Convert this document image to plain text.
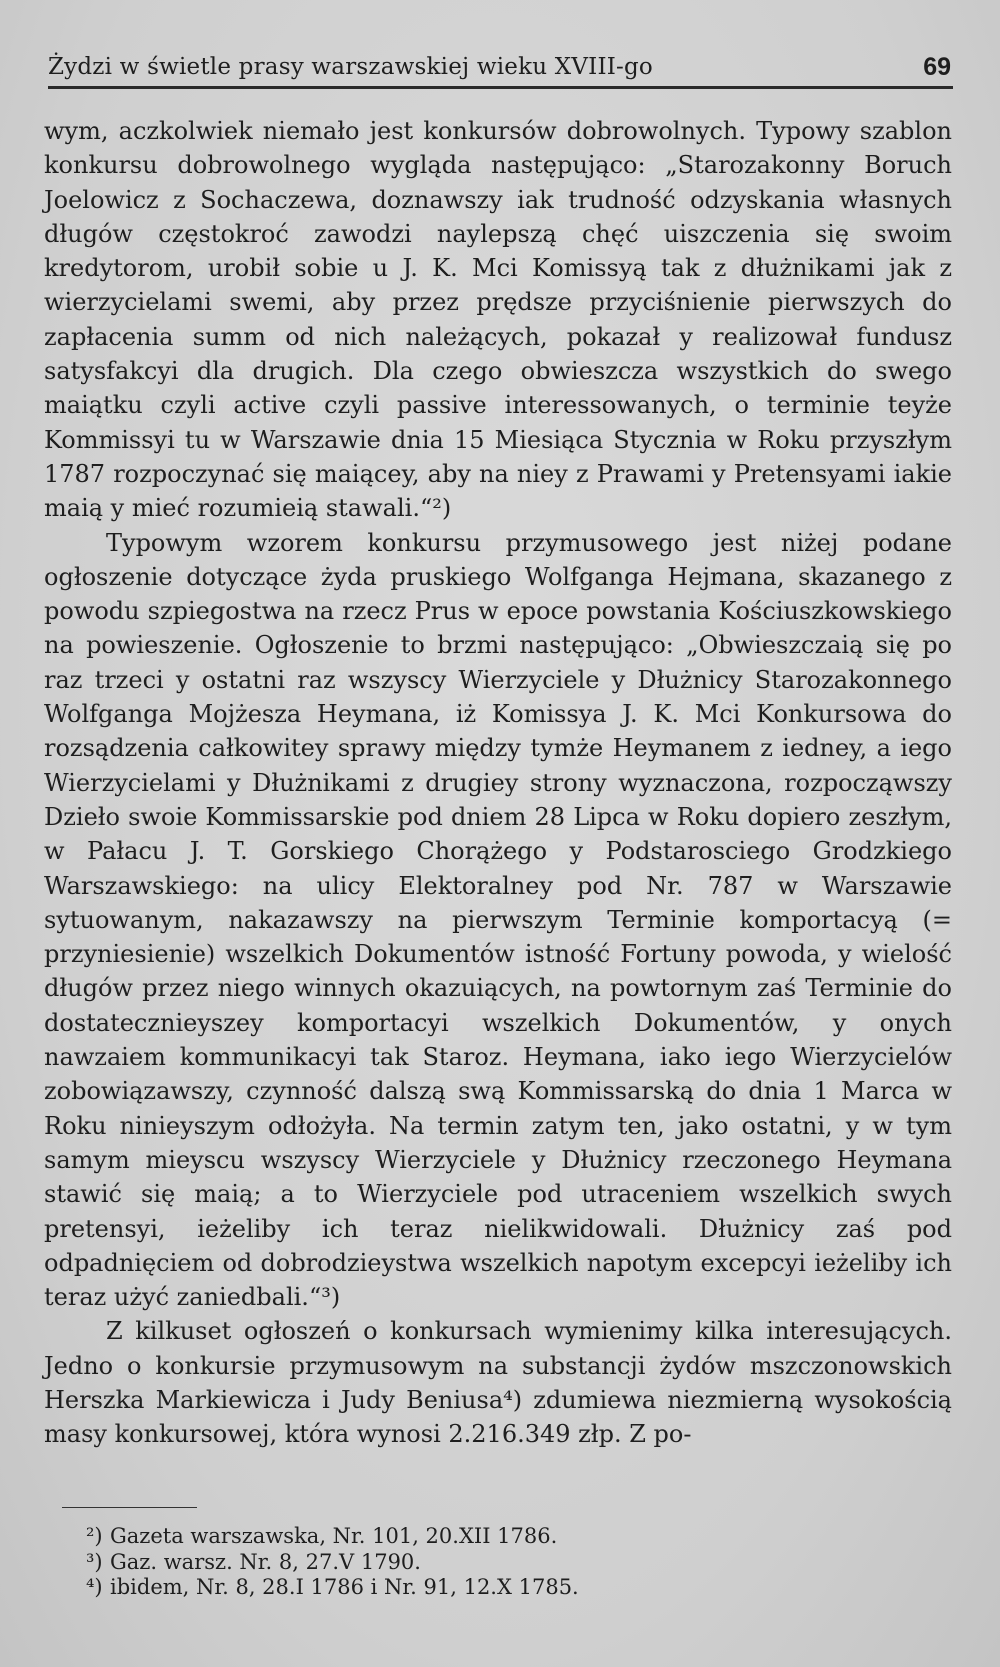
Żydzi w świetle prasy warszawskiej wieku XVIII-go	69

wym, aczkolwiek niemało jest konkursów dobrowolnych. Typowy szablon konkursu dobrowolnego wygląda następująco: „Starozakonny Boruch Joelowicz z Sochaczewa, doznawszy iak trudność odzyskania własnych długów częstokroć zawodzi naylepszą chęć uiszczenia się swoim kredytorom, urobił sobie u J. K. Mci Komissyą tak z dłużnikami jak z wierzycielami swemi, aby przez prędsze przyciśnienie pierwszych do zapłacenia summ od nich należących, pokazał y realizował fundusz satysfakcyi dla drugich. Dla czego obwieszcza wszystkich do swego maiątku czyli active czyli passive interessowanych, o terminie teyże Kommissyi tu w Warszawie dnia 15 Miesiąca Stycznia w Roku przyszłym 1787 rozpoczynać się maiącey, aby na niey z Prawami y Pretensyami iakie maią y mieć rozumieią stawali.“²)

Typowym wzorem konkursu przymusowego jest niżej podane ogłoszenie dotyczące żyda pruskiego Wolfganga Hejmana, skazanego z powodu szpiegostwa na rzecz Prus w epoce powstania Kościuszkowskiego na powieszenie. Ogłoszenie to brzmi następująco: „Obwieszczaią się po raz trzeci y ostatni raz wszyscy Wierzyciele y Dłużnicy Starozakonnego Wolfganga Mojżesza Heymana, iż Komissya J. K. Mci Konkursowa do rozsądzenia całkowitey sprawy między tymże Heymanem z iedney, a iego Wierzycielami y Dłużnikami z drugiey strony wyznaczona, rozpocząwszy Dzieło swoie Kommissarskie pod dniem 28 Lipca w Roku dopiero zeszłym, w Pałacu J. T. Gorskiego Chorążego y Podstarosciego Grodzkiego Warszawskiego: na ulicy Elektoralney pod Nr. 787 w Warszawie sytuowanym, nakazawszy na pierwszym Terminie komportacyą (= przyniesienie) wszelkich Dokumentów istność Fortuny powoda, y wielość długów przez niego winnych okazuiących, na powtornym zaś Terminie do dostatecznieyszey komportacyi wszelkich Dokumentów, y onych nawzaiem kommunikacyi tak Staroz. Heymana, iako iego Wierzycielów zobowiązawszy, czynność dalszą swą Kommissarską do dnia 1 Marca w Roku ninieyszym odłożyła. Na termin zatym ten, jako ostatni, y w tym samym mieyscu wszyscy Wierzyciele y Dłużnicy rzeczonego Heymana stawić się maią; a to Wierzyciele pod utraceniem wszelkich swych pretensyi, ieżeliby ich teraz nielikwidowali. Dłużnicy zaś pod odpadnięciem od dobrodzieystwa wszelkich napotym excepcyi ieżeliby ich teraz użyć zaniedbali.“³)

Z kilkuset ogłoszeń o konkursach wymienimy kilka interesujących. Jedno o konkursie przymusowym na substancji żydów mszczonowskich Herszka Markiewicza i Judy Beniusa⁴) zdumiewa niezmierną wysokością masy konkursowej, która wynosi 2.216.349 złp. Z po-

²) Gazeta warszawska, Nr. 101, 20.XII 1786.
³) Gaz. warsz. Nr. 8, 27.V 1790.
⁴) ibidem, Nr. 8, 28.I 1786 i Nr. 91, 12.X 1785.
